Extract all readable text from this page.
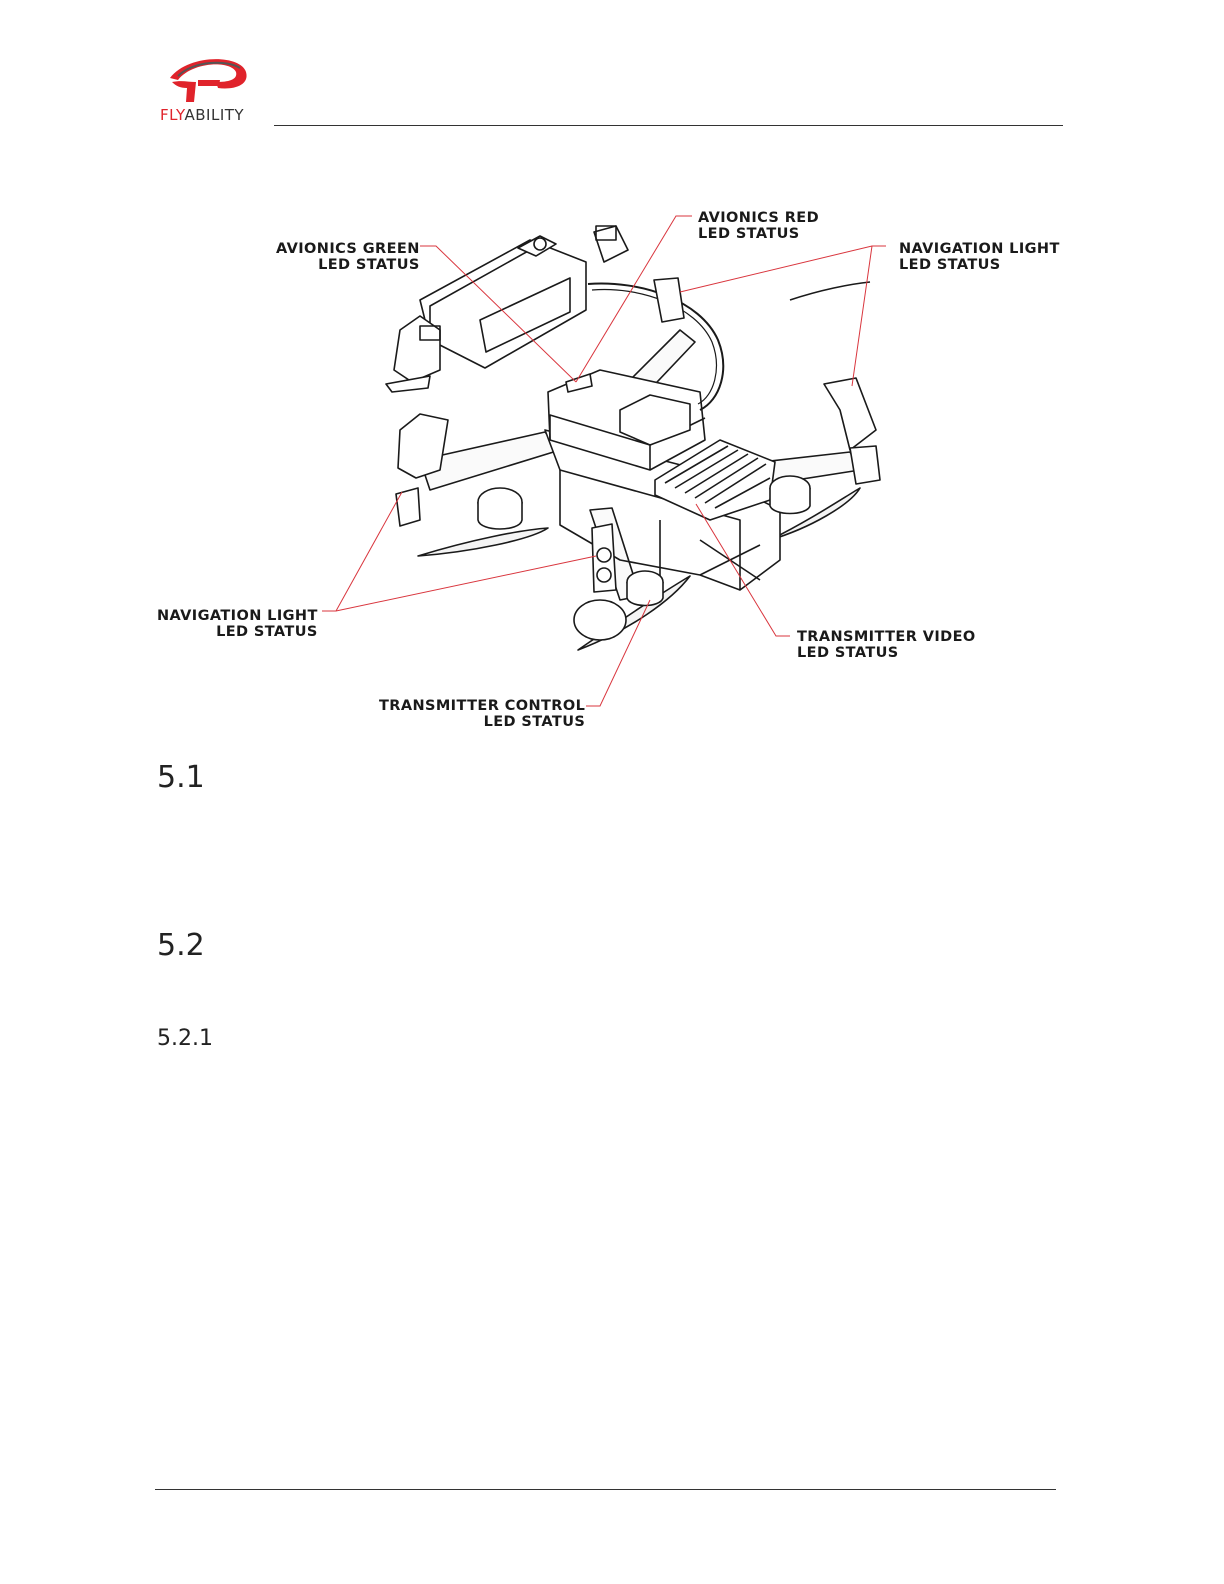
FLYABILITY
AVIONICS GREEN
LED STATUS
AVIONICS RED
LED STATUS
NAVIGATION LIGHT
LED STATUS
NAVIGATION LIGHT
LED STATUS	TRANSMITTER VIDEO
LED STATUS
TRANSMITTER CONTROL
LED STATUS
5.1
5.2
5.2.1
